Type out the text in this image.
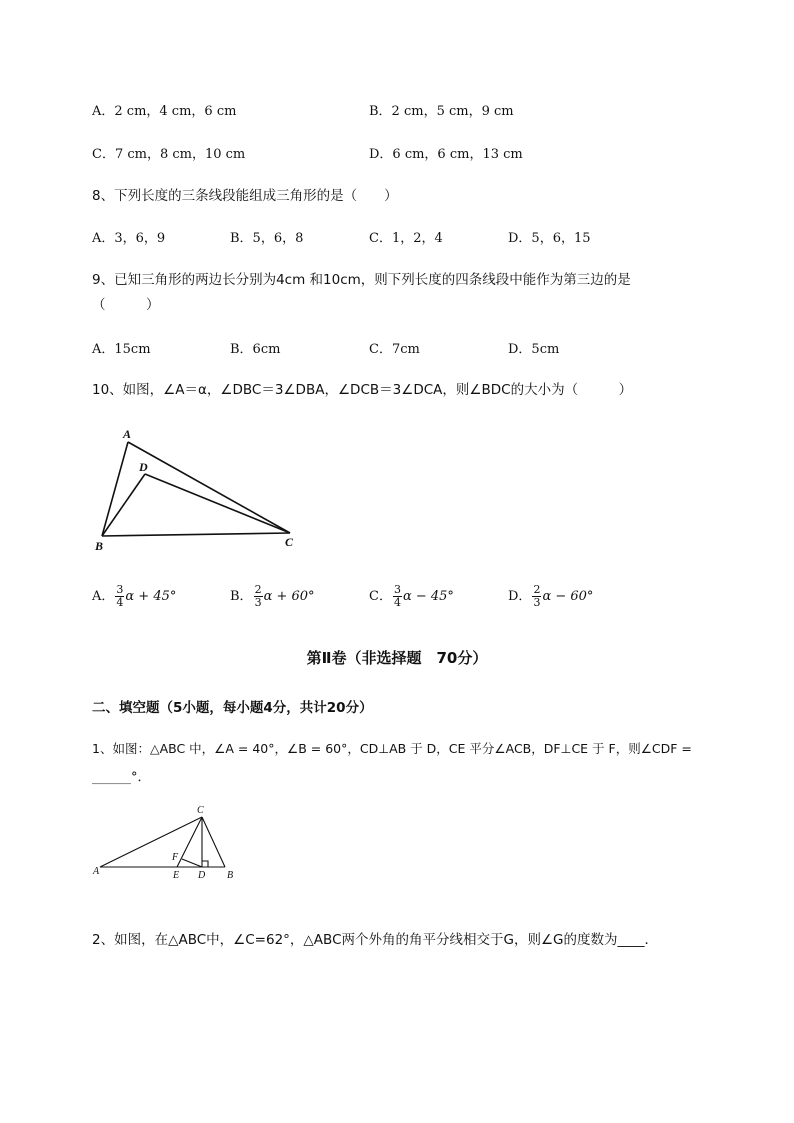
A．2 cm，4 cm，6 cm	B．2 cm，5 cm，9 cm
C．7 cm，8 cm，10 cm	D．6 cm，6 cm，13 cm
8、下列长度的三条线段能组成三角形的是（　　）
A．3，6，9	B．5，6，8	C．1，2，4	D．5，6，15
9、已知三角形的两边长分别为4cm 和10cm，则下列长度的四条线段中能作为第三边的是
（　　　）
A．15cm	B．6cm	C．7cm	D．5cm
10、如图，∠A＝α，∠DBC＝3∠DBA，∠DCB＝3∠DCA，则∠BDC的大小为（　　　）
A
D
B	C
A． $\frac{3}{4}$ α + 45°	B． $\frac{2}{3}$ α + 60°	C． $\frac{3}{4}$ α − 45°	D． $\frac{2}{3}$ α − 60°
第Ⅱ卷（非选择题　70分）
二、填空题（5小题，每小题4分，共计20分）
1、如图：△ABC 中，∠A = 40°，∠B = 60°，CD⊥AB 于 D，CE 平分∠ACB，DF⊥CE 于 F，则∠CDF =
______°．
C
A
F
E D B
2、如图，在△ABC中，∠C=62°，△ABC两个外角的角平分线相交于G，则∠G的度数为____．
